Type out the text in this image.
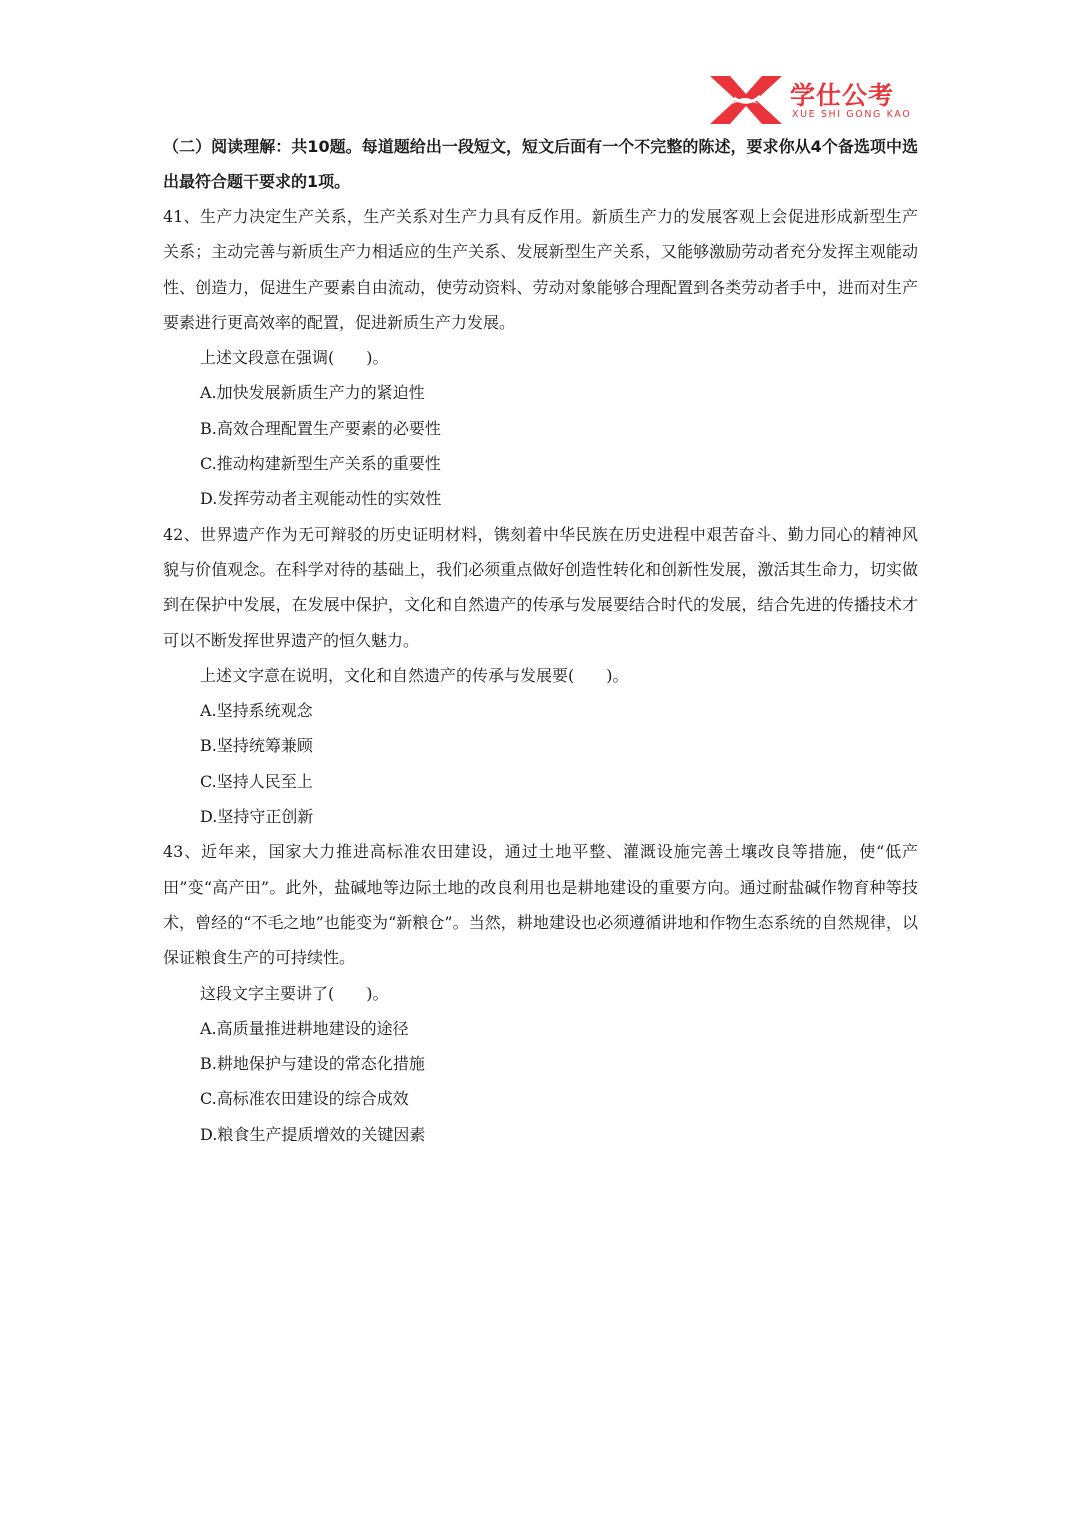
学仕公考
XUE SHI GONG KAO

（二）阅读理解：共10题。每道题给出一段短文，短文后面有一个不完整的陈述，要求你从4个备选项中选出最符合题干要求的1项。

41、生产力决定生产关系，生产关系对生产力具有反作用。新质生产力的发展客观上会促进形成新型生产关系；主动完善与新质生产力相适应的生产关系、发展新型生产关系，又能够激励劳动者充分发挥主观能动性、创造力，促进生产要素自由流动，使劳动资料、劳动对象能够合理配置到各类劳动者手中，进而对生产要素进行更高效率的配置，促进新质生产力发展。

上述文段意在强调(　　)。

A.加快发展新质生产力的紧迫性

B.高效合理配置生产要素的必要性

C.推动构建新型生产关系的重要性

D.发挥劳动者主观能动性的实效性

42、世界遗产作为无可辩驳的历史证明材料，镌刻着中华民族在历史进程中艰苦奋斗、勤力同心的精神风貌与价值观念。在科学对待的基础上，我们必须重点做好创造性转化和创新性发展，激活其生命力，切实做到在保护中发展，在发展中保护，文化和自然遗产的传承与发展要结合时代的发展，结合先进的传播技术才可以不断发挥世界遗产的恒久魅力。

上述文字意在说明，文化和自然遗产的传承与发展要(　　)。

A.坚持系统观念

B.坚持统筹兼顾

C.坚持人民至上

D.坚持守正创新

43、近年来，国家大力推进高标准农田建设，通过土地平整、灌溉设施完善土壤改良等措施，使“低产田”变“高产田”。此外，盐碱地等边际土地的改良利用也是耕地建设的重要方向。通过耐盐碱作物育种等技术，曾经的“不毛之地”也能变为“新粮仓”。当然，耕地建设也必须遵循讲地和作物生态系统的自然规律，以保证粮食生产的可持续性。

这段文字主要讲了(　　)。

A.高质量推进耕地建设的途径

B.耕地保护与建设的常态化措施

C.高标准农田建设的综合成效

D.粮食生产提质增效的关键因素
